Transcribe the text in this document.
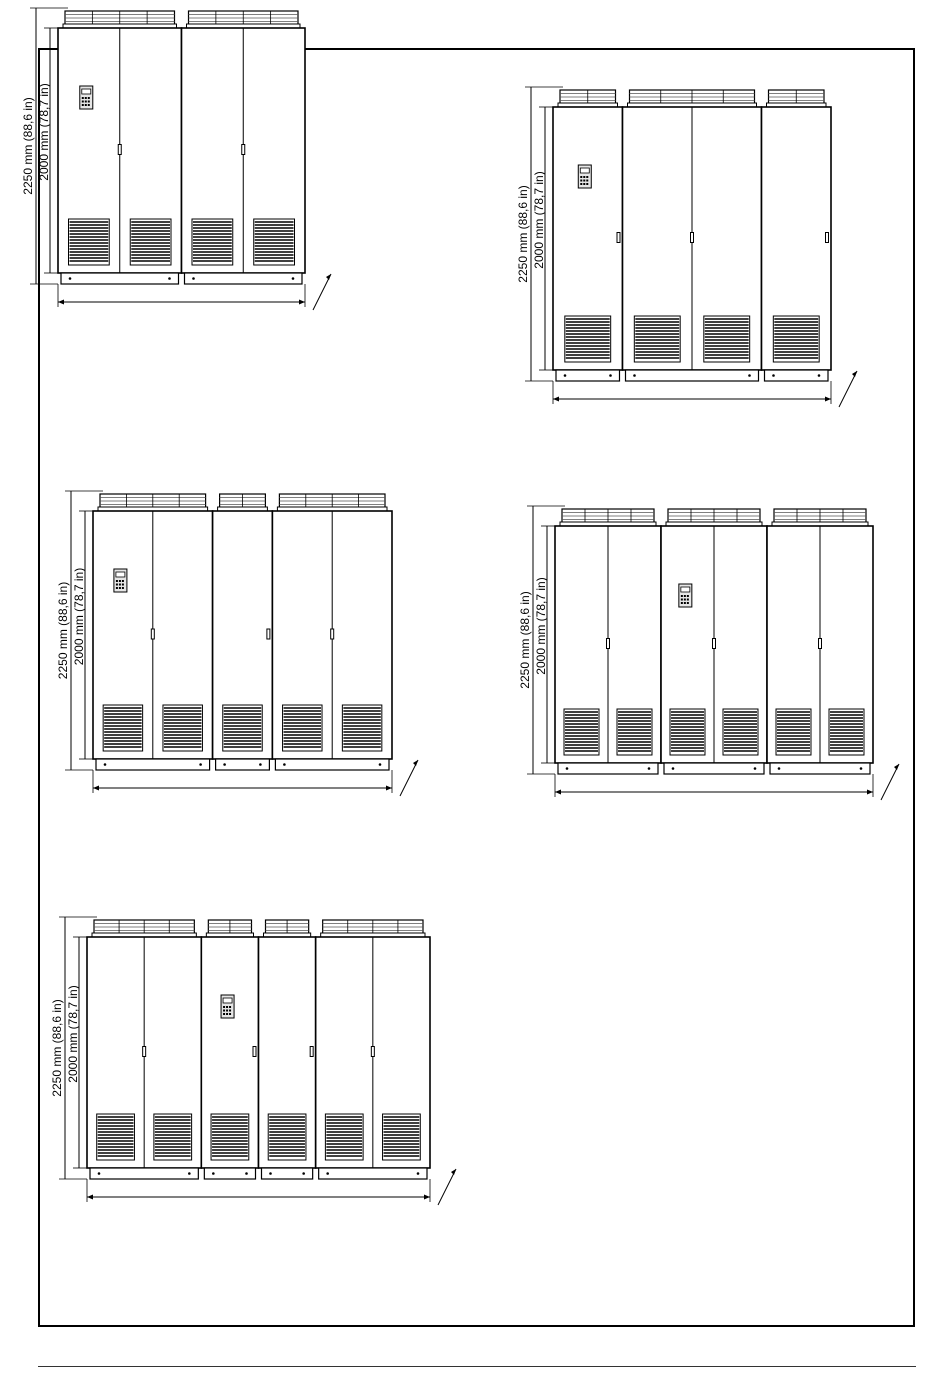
2250 mm (88,6 in) 2000 mm (78,7 in)
2250 mm (88,6 in) 2000 mm (78,7 in)
2250 mm (88,6 in) 2000 mm (78,7 in)	2250 mm (88,6 in) 2000 mm (78,7 in)
2250 mm (88,6 in) 2000 mm (78,7 in)
